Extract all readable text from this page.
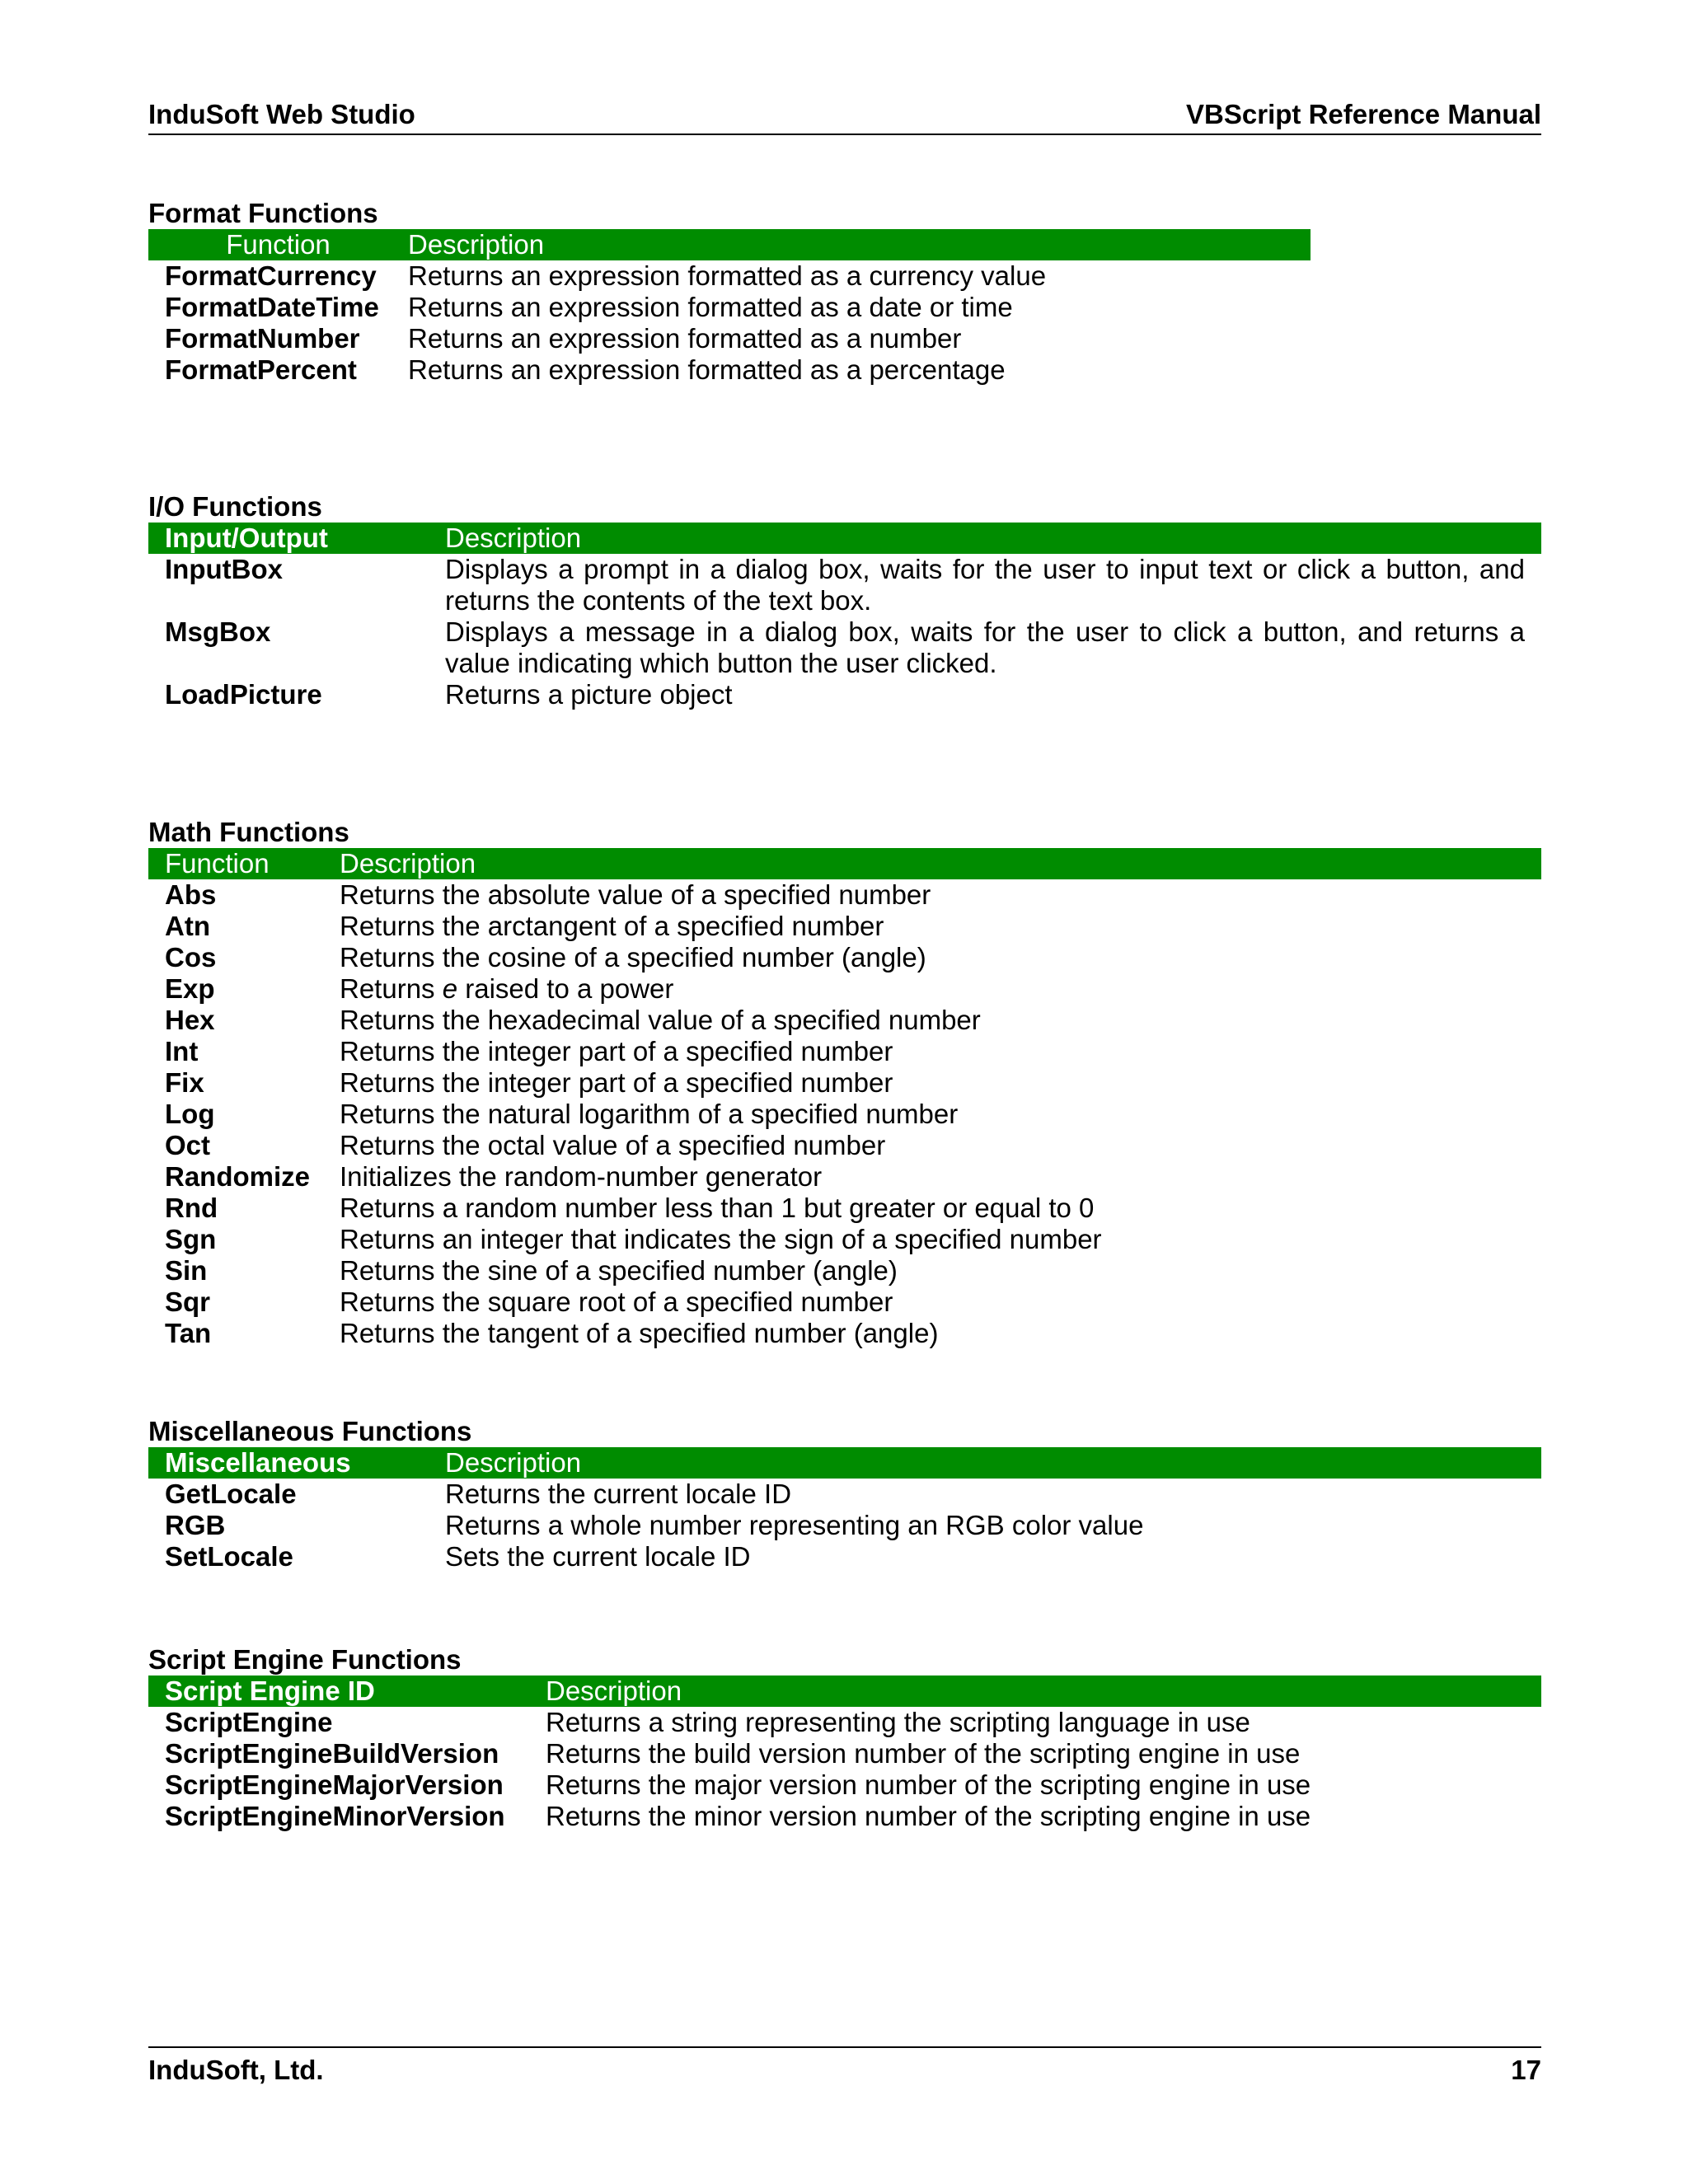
InduSoft Web Studio	VBScript Reference Manual
Format Functions
Function	Description
FormatCurrency	Returns an expression formatted as a currency value
FormatDateTime	Returns an expression formatted as a date or time
FormatNumber	Returns an expression formatted as a number
FormatPercent	Returns an expression formatted as a percentage
I/O Functions
Input/Output	Description
InputBox	Displays a prompt in a dialog box, waits for the user to input text or click a button, and returns the contents of the text box.
MsgBox	Displays a message in a dialog box, waits for the user to click a button, and returns a value indicating which button the user clicked.
LoadPicture	Returns a picture object
Math Functions
Function	Description
Abs	Returns the absolute value of a specified number
Atn	Returns the arctangent of a specified number
Cos	Returns the cosine of a specified number (angle)
Exp	Returns e raised to a power
Hex	Returns the hexadecimal value of a specified number
Int	Returns the integer part of a specified number
Fix	Returns the integer part of a specified number
Log	Returns the natural logarithm of a specified number
Oct	Returns the octal value of a specified number
Randomize	Initializes the random-number generator
Rnd	Returns a random number less than 1 but greater or equal to 0
Sgn	Returns an integer that indicates the sign of a specified number
Sin	Returns the sine of a specified number (angle)
Sqr	Returns the square root of a specified number
Tan	Returns the tangent of a specified number (angle)
Miscellaneous Functions
Miscellaneous	Description
GetLocale	Returns the current locale ID
RGB	Returns a whole number representing an RGB color value
SetLocale	Sets the current locale ID
Script Engine Functions
Script Engine ID	Description
ScriptEngine	Returns a string representing the scripting language in use
ScriptEngineBuildVersion	Returns the build version number of the scripting engine in use
ScriptEngineMajorVersion	Returns the major version number of the scripting engine in use
ScriptEngineMinorVersion	Returns the minor version number of the scripting engine in use
InduSoft, Ltd.	17
